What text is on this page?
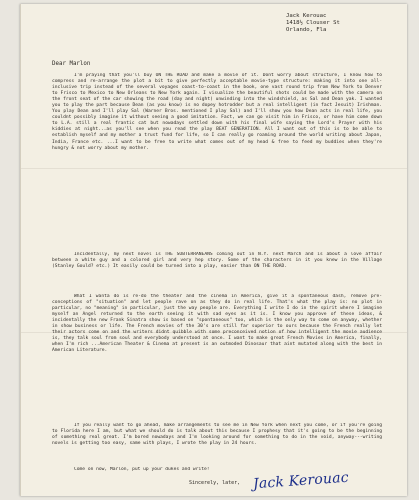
Jack Kerouac
1418½ Clouser St
Orlando, Fla
Dear Marlon
I'm praying that you'll buy ON THE ROAD and make a movie of it. Dont worry about structure, I know how to compress and re-arrange the plot a bit to give perfectly acceptable movie-type structure: making it into one all-inclusive trip instead of the several voyages coast-to-coast in the book, one vast round trip from New York to Denver to Frisco to Mexico to New Orleans to New York again. I visualize the beautiful shots could be made with the camera on the front seat of the car showing the road (day and night) unwinding into the windshield, as Sal and Dean yak. I wanted you to play the part because Dean (as you know) is no dopey hotrodder but a real intelligent (in fact Jesuit) Irishman. You play Dean and I'll play Sal (Warner Bros. mentioned I play Sal) and I'll show you how Dean acts in real life, you couldnt possibly imagine it without seeing a good imitation. Fact, we can go visit him in Frisco, or have him come down to L.A. still a real frantic cat but nowadays settled down with his final wife saying the Lord's Prayer with his kiddies at night...as you'll see when you read the play BEAT GENERATION. All I want out of this is to be able to establish myself and my mother a trust fund for life, so I can really go roaming around the world writing about Japan, India, France etc. ...I want to be free to write what comes out of my head & free to feed my buddies when they're hungry & not worry about my mother.
Incidentally, my next novel is THE SUBTERRANEANS coming out in N.Y. next March and is about a love affair between a white guy and a colored girl and very hep story. Some of the characters in it you knew in the Village (Stanley Gould? etc.) It easily could be turned into a play, easier than ON THE ROAD.
What I wanta do is re-do the theater and the cinema in America, give it a spontaneous dash, remove pre-conceptions of "situation" and let people rave on as they do in real life. That's what the play is: no plot in particular, no "meaning" in particular, just the way people are. Everything I write I do in the spirit where I imagine myself an Angel returned to the earth seeing it with sad eyes as it is. I know you approve of these ideas, & incidentally the new Frank Sinatra show is based on "spontaneous" too, which is the only way to come on anyway, whether in show business or life. The French movies of the 30's are still far superior to ours because the French really let their actors come on and the writers didnt quibble with some preconceived notion of how intelligent the movie audience is, they talk soul from soul and everybody understood at once. I want to make great French Movies in America, finally, when I'm rich ...American Theater & Cinema at present is an outmoded Dinosaur that aint mutated along with the best in American Literature.
If you really want to go ahead, make arrangements to see me in New York when next you come, or if you're going to Florida here I am, but what we should do is talk about this because I prophesy that it's going to be the beginning of something real great. I'm bored nowadays and I'm looking around for something to do in the void, anyway---writing novels is getting too easy, same with plays, I wrote the play in 24 hours.
Come on now, Marlon, put up your dukes and write!
Sincerely, later, Jack Kerouac
